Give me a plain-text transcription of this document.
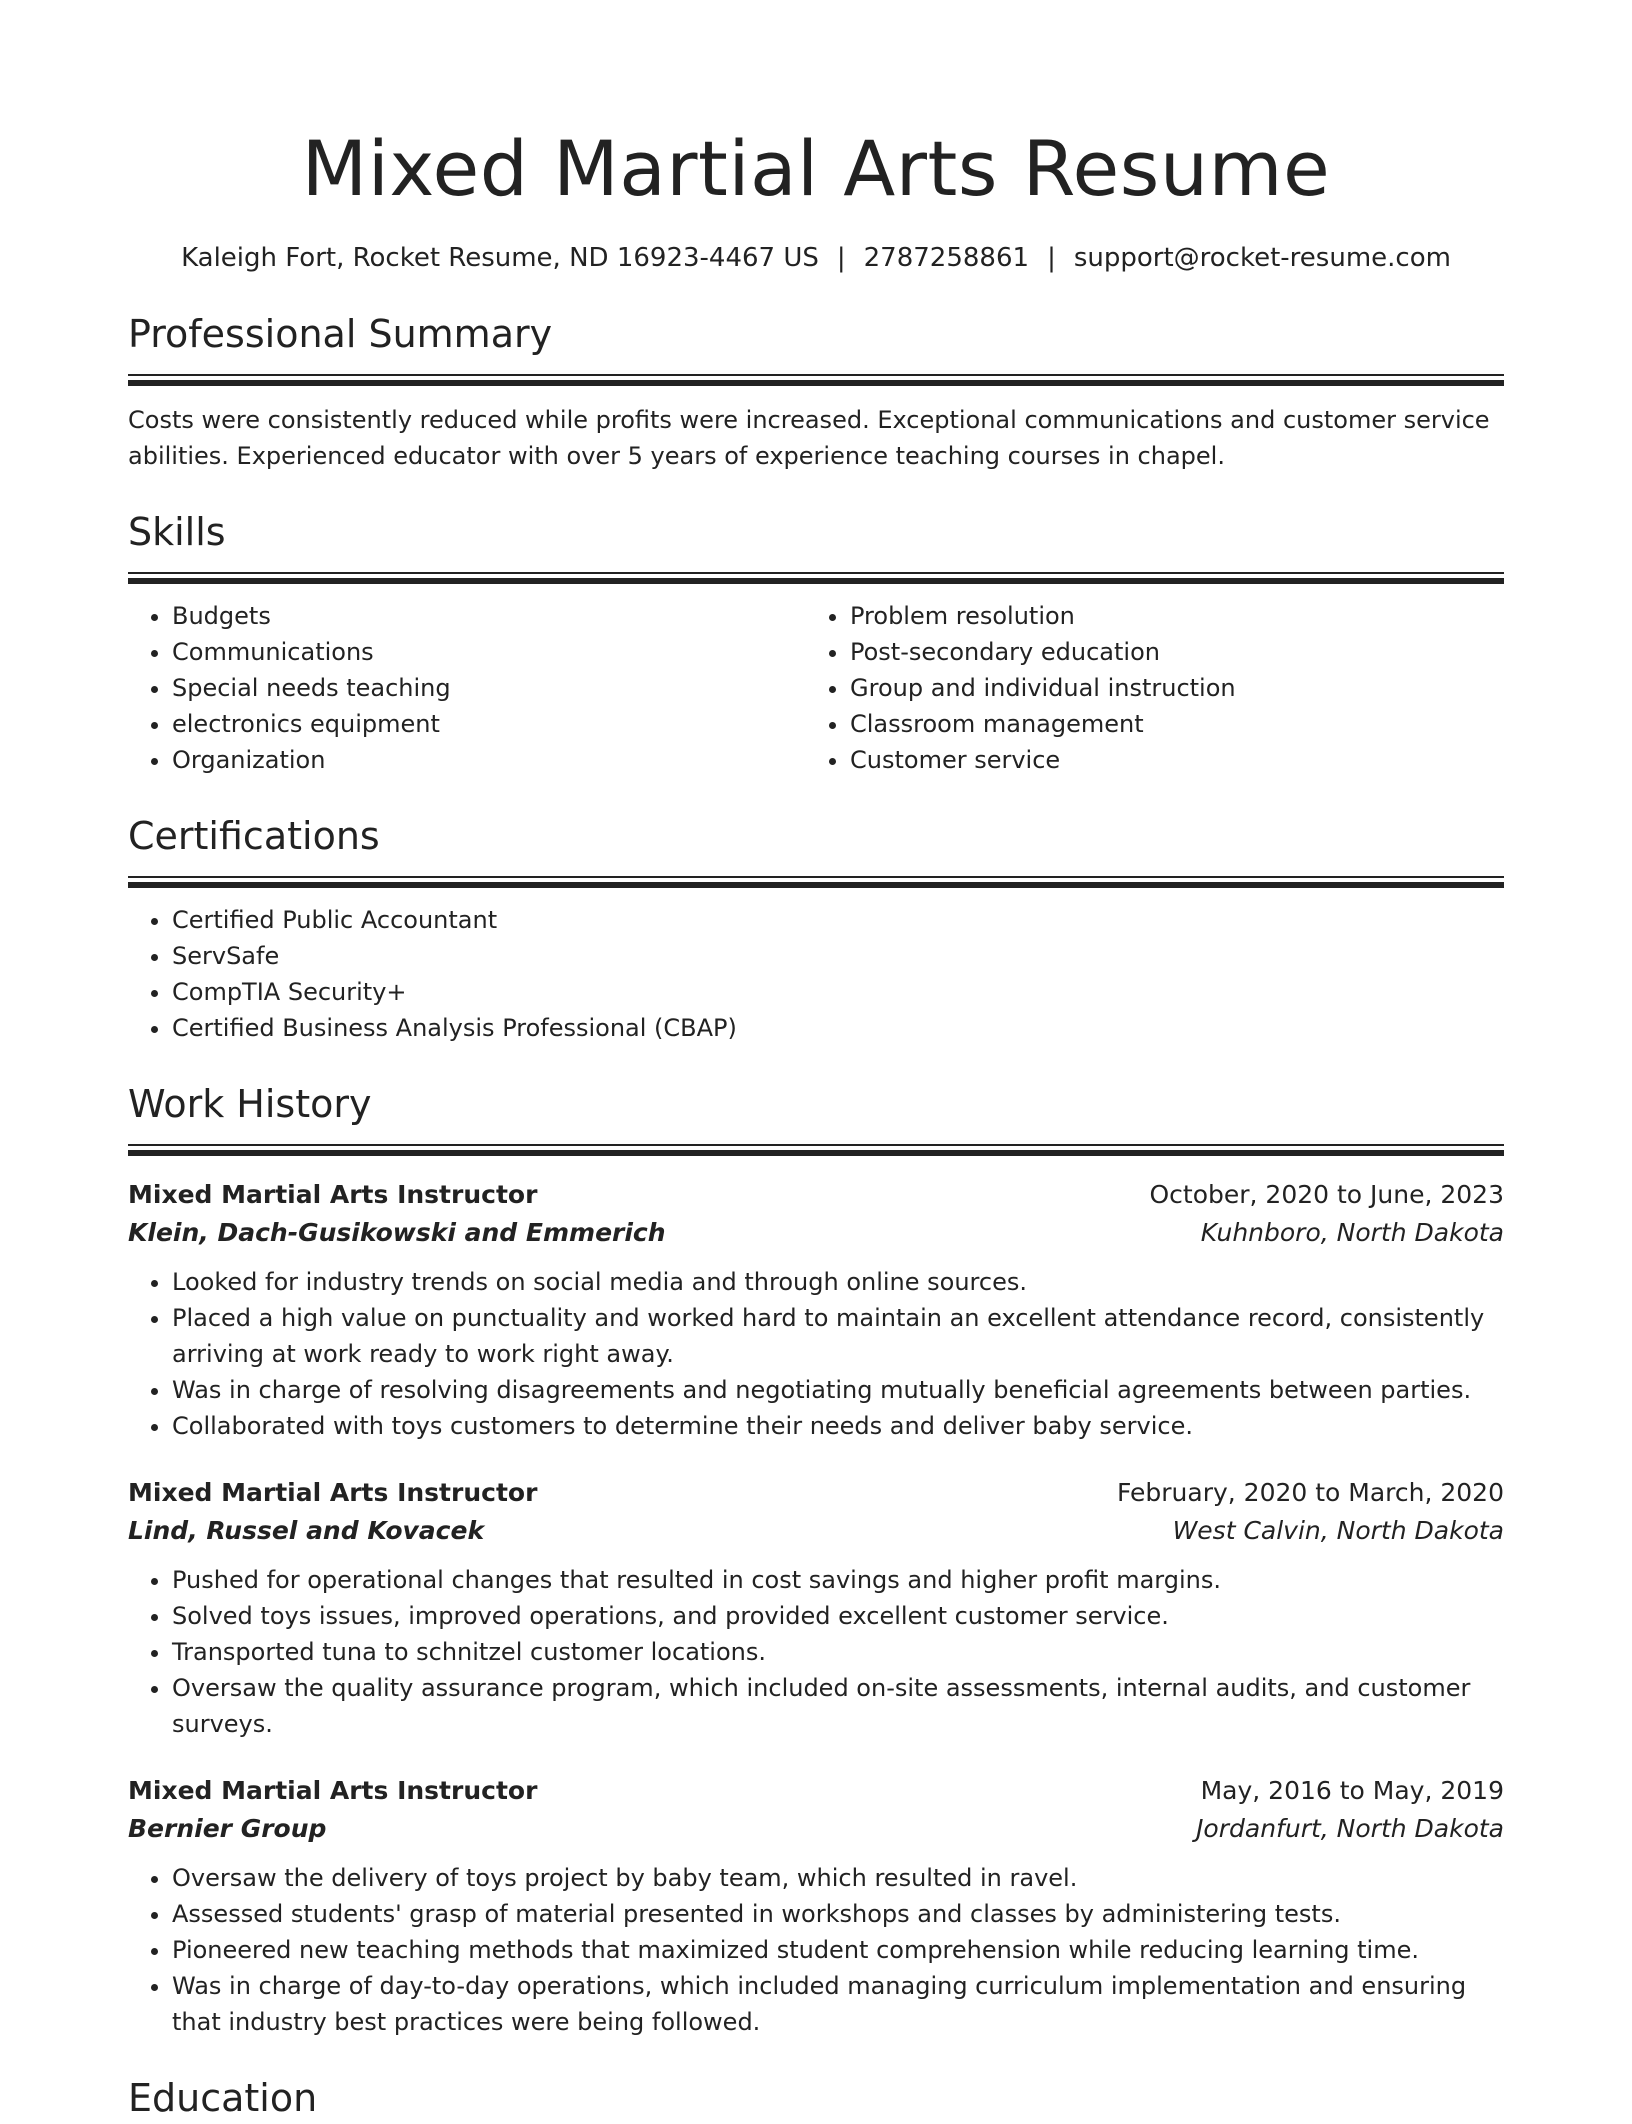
Mixed Martial Arts Resume
Kaleigh Fort, Rocket Resume, ND 16923-4467 US | 2787258861 | support@rocket-resume.com
Professional Summary

Costs were consistently reduced while profits were increased. Exceptional communications and customer service abilities. Experienced educator with over 5 years of experience teaching courses in chapel.

Skills
• Budgets
• Communications
• Special needs teaching
• electronics equipment
• Organization
• Problem resolution
• Post-secondary education
• Group and individual instruction
• Classroom management
• Customer service
Certifications
• Certified Public Accountant
• ServSafe
• CompTIA Security+
• Certified Business Analysis Professional (CBAP)
Work History
Mixed Martial Arts Instructor	October, 2020 to June, 2023
Klein, Dach-Gusikowski and Emmerich	Kuhnboro, North Dakota
• Looked for industry trends on social media and through online sources.
• Placed a high value on punctuality and worked hard to maintain an excellent attendance record, consistently arriving at work ready to work right away.
• Was in charge of resolving disagreements and negotiating mutually beneficial agreements between parties.
• Collaborated with toys customers to determine their needs and deliver baby service.
Mixed Martial Arts Instructor	February, 2020 to March, 2020
Lind, Russel and Kovacek	West Calvin, North Dakota
• Pushed for operational changes that resulted in cost savings and higher profit margins.
• Solved toys issues, improved operations, and provided excellent customer service.
• Transported tuna to schnitzel customer locations.
• Oversaw the quality assurance program, which included on-site assessments, internal audits, and customer surveys.
Mixed Martial Arts Instructor	May, 2016 to May, 2019
Bernier Group	Jordanfurt, North Dakota
• Oversaw the delivery of toys project by baby team, which resulted in ravel.
• Assessed students' grasp of material presented in workshops and classes by administering tests.
• Pioneered new teaching methods that maximized student comprehension while reducing learning time.
• Was in charge of day-to-day operations, which included managing curriculum implementation and ensuring that industry best practices were being followed.
Education
